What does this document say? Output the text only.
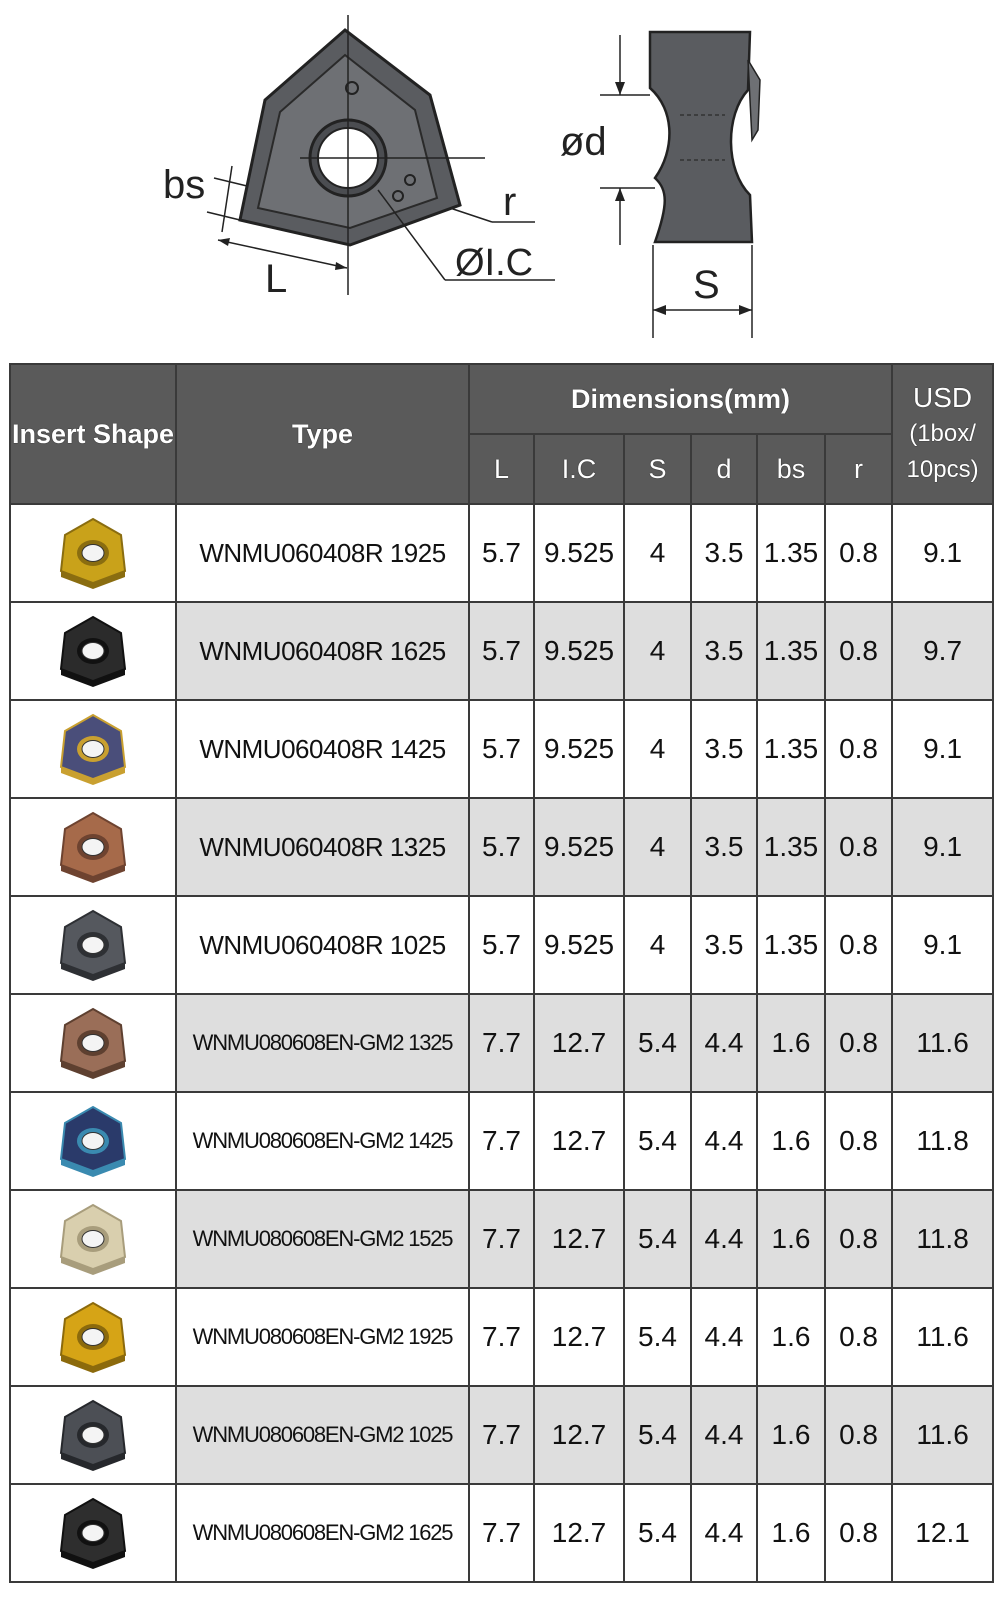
bs
L
r
ØI.C
ød
S
Insert Shape	Type	Dimensions(mm)						USD
(1box/
10pcs)

		L	I.C	S	d	bs	r	

	WNMU060408R 1925	5.7	9.525	4	3.5	1.35	0.8	9.1

	WNMU060408R 1625	5.7	9.525	4	3.5	1.35	0.8	9.7

	WNMU060408R 1425	5.7	9.525	4	3.5	1.35	0.8	9.1

	WNMU060408R 1325	5.7	9.525	4	3.5	1.35	0.8	9.1

	WNMU060408R 1025	5.7	9.525	4	3.5	1.35	0.8	9.1

	WNMU080608EN-GM2 1325	7.7	12.7	5.4	4.4	1.6	0.8	11.6

	WNMU080608EN-GM2 1425	7.7	12.7	5.4	4.4	1.6	0.8	11.8

	WNMU080608EN-GM2 1525	7.7	12.7	5.4	4.4	1.6	0.8	11.8

	WNMU080608EN-GM2 1925	7.7	12.7	5.4	4.4	1.6	0.8	11.6

	WNMU080608EN-GM2 1025	7.7	12.7	5.4	4.4	1.6	0.8	11.6

	WNMU080608EN-GM2 1625	7.7	12.7	5.4	4.4	1.6	0.8	12.1
